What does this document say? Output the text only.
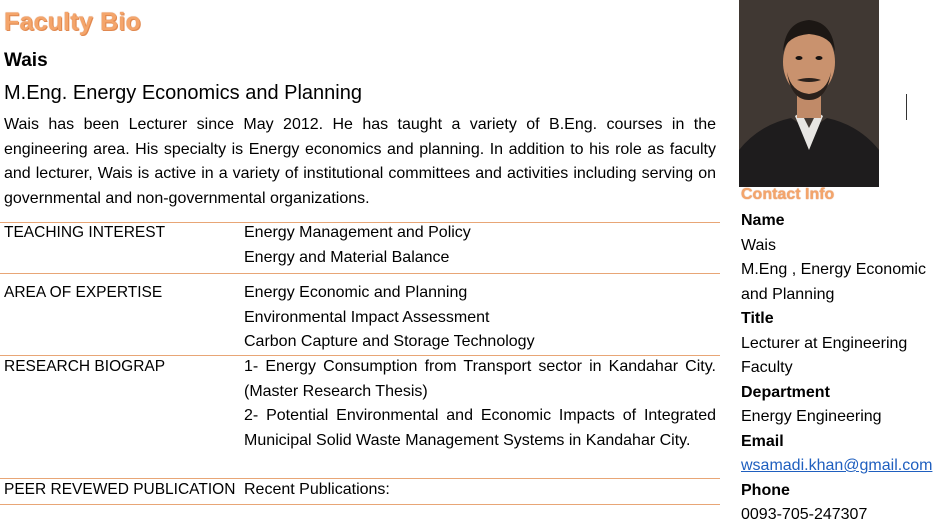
Faculty Bio
Wais
M.Eng. Energy Economics and Planning
Wais has been Lecturer since May 2012. He has taught a variety of B.Eng. courses in the engineering area. His specialty is Energy economics and planning. In addition to his role as faculty and lecturer, Wais is active in a variety of institutional committees and activities including serving on governmental and non-governmental organizations.
TEACHING INTEREST	Energy Management and Policy
Energy and Material Balance
AREA OF EXPERTISE	Energy Economic and Planning
Environmental Impact Assessment
Carbon Capture and Storage Technology
RESEARCH BIOGRAP	1- Energy Consumption from Transport sector in Kandahar City. (Master Research Thesis)
2- Potential Environmental and Economic Impacts of Integrated Municipal Solid Waste Management Systems in Kandahar City.
PEER REVEWED PUBLICATION Recent Publications:
Contact Info
Name
Wais
M.Eng , Energy Economic and Planning
Title
Lecturer at Engineering Faculty
Department
Energy Engineering
Email
wsamadi.khan@gmail.com
Phone
0093-705-247307
